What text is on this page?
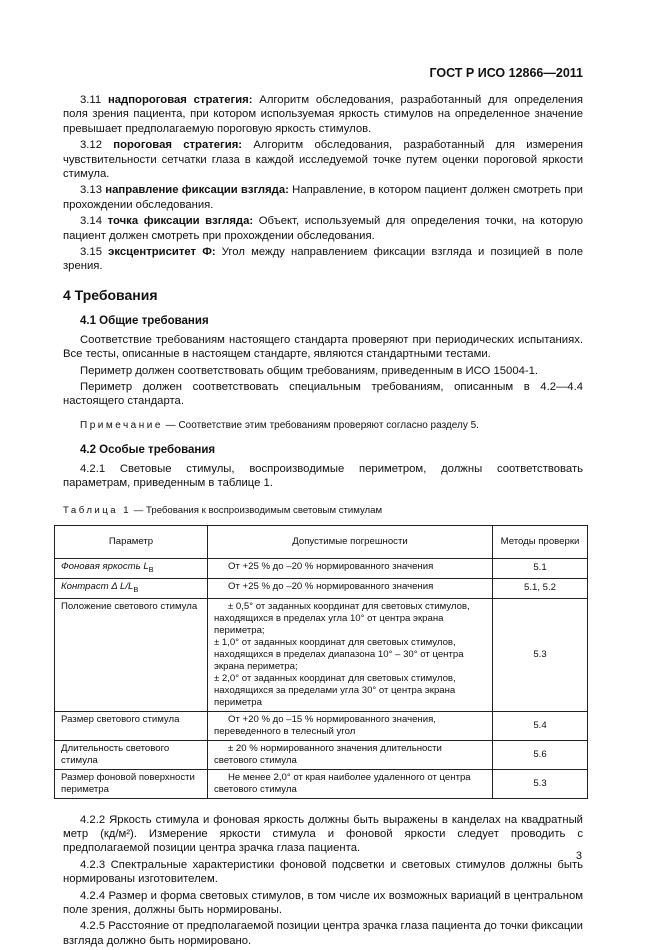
ГОСТ Р ИСО 12866—2011

3.11 надпороговая стратегия: Алгоритм обследования, разработанный для определения поля зрения пациента, при котором используемая яркость стимулов на определенное значение превышает предполагаемую пороговую яркость стимулов.

3.12 пороговая стратегия: Алгоритм обследования, разработанный для измерения чувствительности сетчатки глаза в каждой исследуемой точке путем оценки пороговой яркости стимула.

3.13 направление фиксации взгляда: Направление, в котором пациент должен смотреть при прохождении обследования.

3.14 точка фиксации взгляда: Объект, используемый для определения точки, на которую пациент должен смотреть при прохождении обследования.

3.15 эксцентриситет Ф: Угол между направлением фиксации взгляда и позицией в поле зрения.

4 Требования
4.1 Общие требования

Соответствие требованиям настоящего стандарта проверяют при периодических испытаниях. Все тесты, описанные в настоящем стандарте, являются стандартными тестами.

Периметр должен соответствовать общим требованиям, приведенным в ИСО 15004-1.

Периметр должен соответствовать специальным требованиям, описанным в 4.2—4.4 настоящего стандарта.

Примечание — Соответствие этим требованиям проверяют согласно разделу 5.

4.2 Особые требования

4.2.1 Световые стимулы, воспроизводимые периметром, должны соответствовать параметрам, приведенным в таблице 1.

Таблица 1 — Требования к воспроизводимым световым стимулам

Параметр	Допустимые погрешности	Методы проверки
Фоновая яркость $L_B$	От +25 % до –20 % нормированного значения	5.1
Контраст Δ $L/L_B$	От +25 % до –20 % нормированного значения	5.1, 5.2
Положение светового стимула	± 0,5° от заданных координат для световых стимулов, находящихся в пределах угла 10° от центра экрана периметра;
± 1,0° от заданных координат для световых стимулов, находящихся в пределах диапазона 10° – 30° от центра экрана периметра;
± 2,0° от заданных координат для световых стимулов, находящихся за пределами угла 30° от центра экрана периметра	5.3
Размер светового стимула	От +20 % до –15 % нормированного значения, переведенного в телесный угол	5.4
Длительность светового стимула	± 20 % нормированного значения длительности светового стимула	5.6
Размер фоновой поверхности периметра	Не менее 2,0° от края наиболее удаленного от центра светового стимула	5.3

4.2.2 Яркость стимула и фоновая яркость должны быть выражены в канделах на квадратный метр (кд/м²). Измерение яркости стимула и фоновой яркости следует проводить с предполагаемой позиции центра зрачка глаза пациента.

4.2.3 Спектральные характеристики фоновой подсветки и световых стимулов должны быть нормированы изготовителем.

4.2.4 Размер и форма световых стимулов, в том числе их возможных вариаций в центральном поле зрения, должны быть нормированы.

4.2.5 Расстояние от предполагаемой позиции центра зрачка глаза пациента до точки фиксации взгляда должно быть нормировано.

3
